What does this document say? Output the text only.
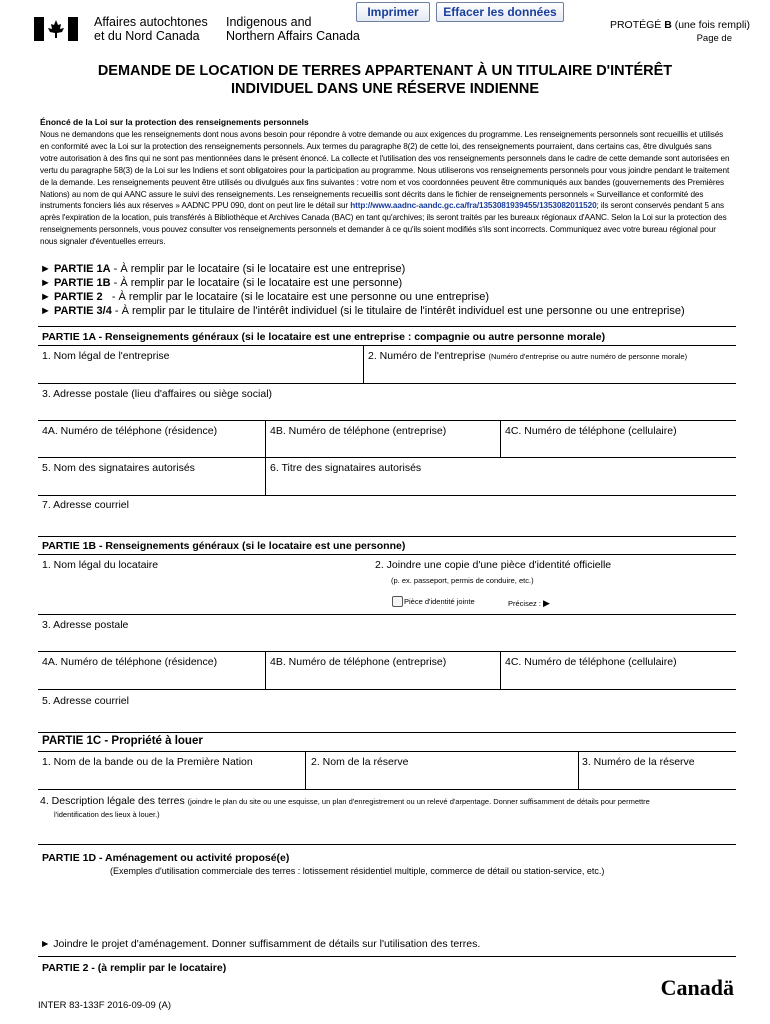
Affaires autochtones
et du Nord Canada
Indigenous and
Northern Affairs Canada
Imprimer	Effacer les données
PROTÉGÉ B (une fois rempli)
Page de
DEMANDE DE LOCATION DE TERRES APPARTENANT À UN TITULAIRE D'INTÉRÊT
INDIVIDUEL DANS UNE RÉSERVE INDIENNE
Énoncé de la Loi sur la protection des renseignements personnels
Nous ne demandons que les renseignements dont nous avons besoin pour répondre à votre demande ou aux exigences du programme. Les renseignements personnels sont recueillis et utilisés en conformité avec la Loi sur la protection des renseignements personnels. Aux termes du paragraphe 8(2) de cette loi, des renseignements pourraient, dans certains cas, être divulgués sans votre autorisation à des fins qui ne sont pas mentionnées dans le présent énoncé. La collecte et l'utilisation des vos renseignements personnels dans le cadre de cette demande sont autorisées en vertu du paragraphe 58(3) de la Loi sur les Indiens et sont obligatoires pour la participation au programme. Nous utiliserons vos renseignements personnels pour vous joindre pendant le traitement de la demande. Les renseignements peuvent être utilisés ou divulgués aux fins suivantes : votre nom et vos coordonnées peuvent être communiqués aux bandes (gouvernements des Premières Nations) au nom de qui AANC assure le suivi des renseignements. Les renseignements recueillis sont décrits dans le fichier de renseignements personnels « Surveillance et conformité des instruments fonciers liés aux réserves » AADNC PPU 090, dont on peut lire le détail sur http://www.aadnc-aandc.gc.ca/fra/1353081939455/1353082011520; ils seront conservés pendant 5 ans après l'expiration de la location, puis transférés à Bibliothèque et Archives Canada (BAC) en tant qu'archives; ils seront traités par les bureaux régionaux d'AANC. Selon la Loi sur la protection des renseignements personnels, vous pouvez consulter vos renseignements personnels et demander à ce qu'ils soient modifiés s'ils sont incorrects. Communiquez avec votre bureau régional pour nous signaler d'éventuelles erreurs.
► PARTIE 1A - À remplir par le locataire (si le locataire est une entreprise)
► PARTIE 1B - À remplir par le locataire (si le locataire est une personne)
► PARTIE 2   - À remplir par le locataire (si le locataire est une personne ou une entreprise)
► PARTIE 3/4 - À remplir par le titulaire de l'intérêt individuel (si le titulaire de l'intérêt individuel est une personne ou une entreprise)
PARTIE 1A - Renseignements généraux (si le locataire est une entreprise : compagnie ou autre personne morale)
1. Nom légal de l'entreprise	2. Numéro de l'entreprise (Numéro d'entreprise ou autre numéro de personne morale)
3. Adresse postale (lieu d'affaires ou siège social)
4A. Numéro de téléphone (résidence)	4B. Numéro de téléphone (entreprise)	4C. Numéro de téléphone (cellulaire)
5. Nom des signataires autorisés	6. Titre des signataires autorisés
7. Adresse courriel
PARTIE 1B - Renseignements généraux (si le locataire est une personne)
1. Nom légal du locataire	2. Joindre une copie d'une pièce d'identité officielle
(p. ex. passeport, permis de conduire, etc.)
Pièce d'identité jointe	Précisez : ▶
3. Adresse postale
4A. Numéro de téléphone (résidence)	4B. Numéro de téléphone (entreprise)	4C. Numéro de téléphone (cellulaire)
5. Adresse courriel
PARTIE 1C - Propriété à louer
1. Nom de la bande ou de la Première Nation	2. Nom de la réserve	3. Numéro de la réserve
4. Description légale des terres (joindre le plan du site ou une esquisse, un plan d'enregistrement ou un relevé d'arpentage. Donner suffisamment de détails pour permettre
l'identification des lieux à louer.)
PARTIE 1D - Aménagement ou activité proposé(e)
(Exemples d'utilisation commerciale des terres : lotissement résidentiel multiple, commerce de détail ou station-service, etc.)
► Joindre le projet d'aménagement. Donner suffisamment de détails sur l'utilisation des terres.
PARTIE 2 - (à remplir par le locataire)
INTER 83-133F 2016-09-09 (A)
Canadä
